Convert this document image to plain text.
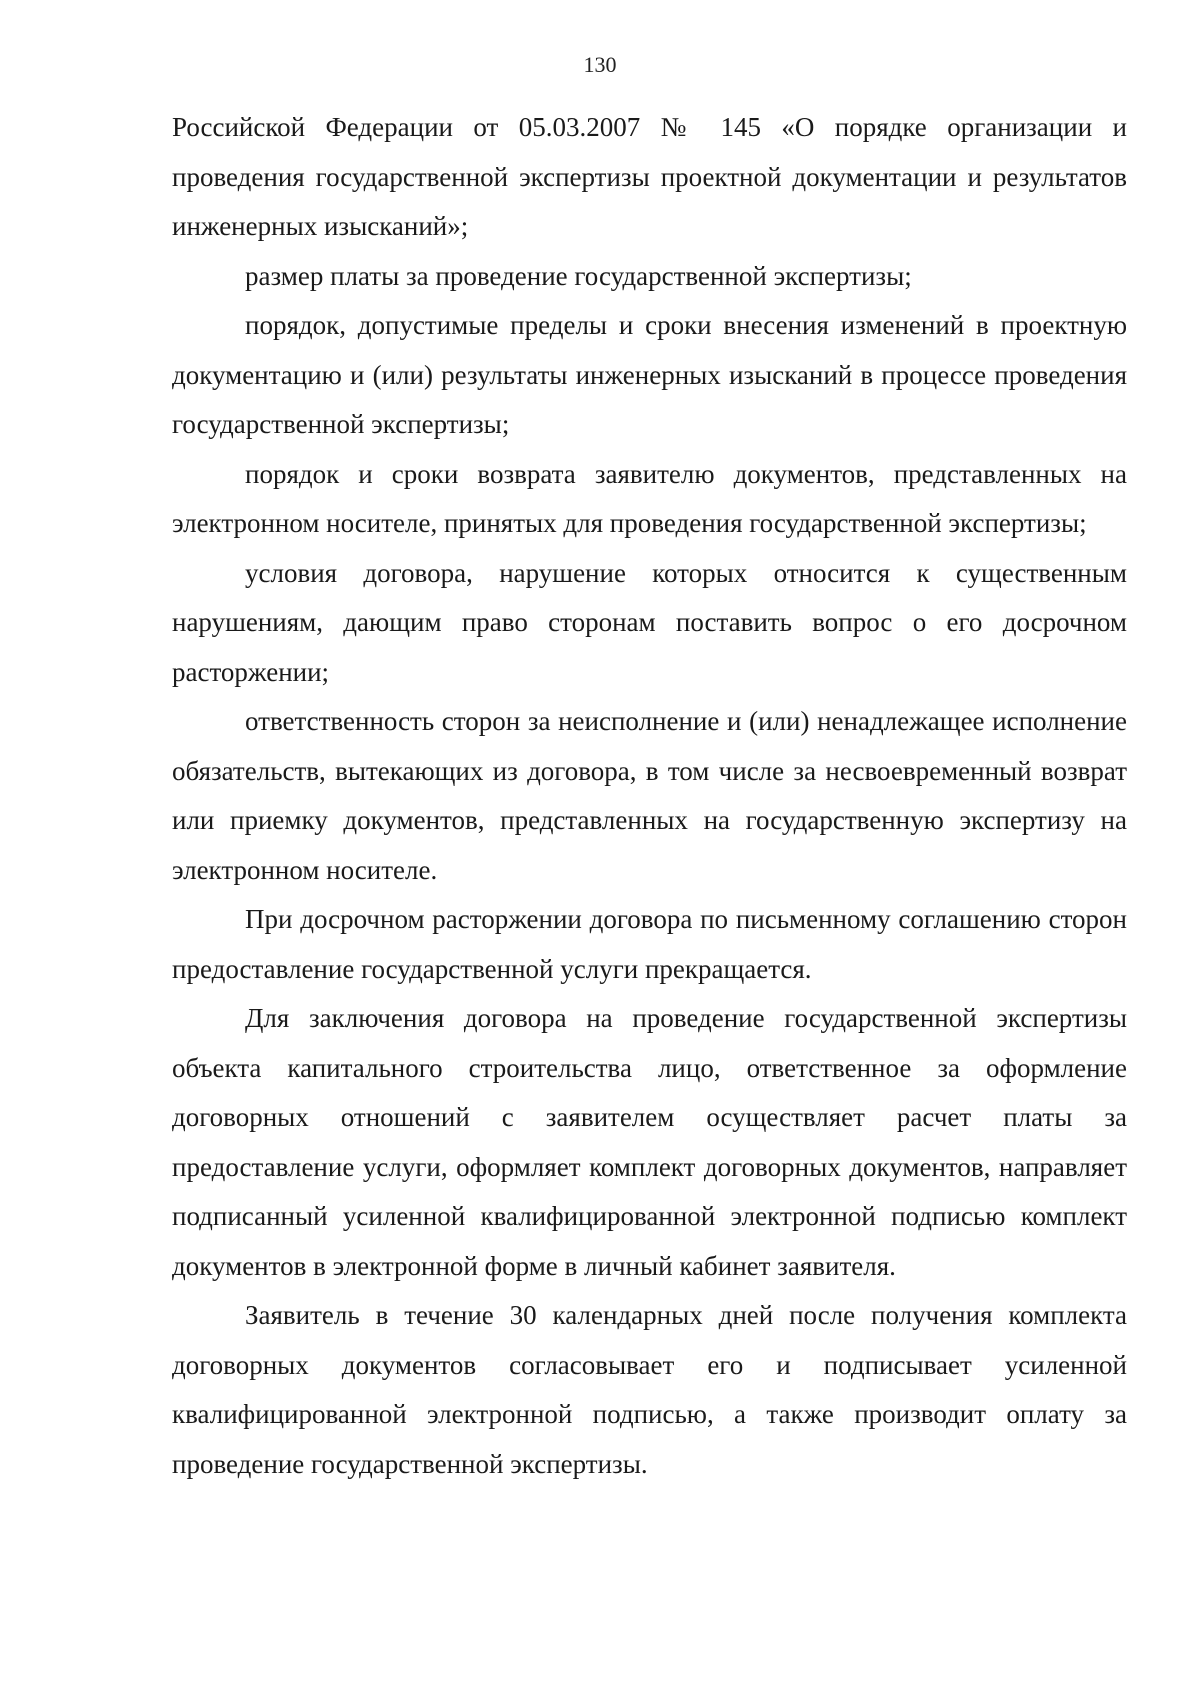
130

Российской Федерации от 05.03.2007 № 145 «О порядке организации и проведения государственной экспертизы проектной документации и результатов инженерных изысканий»;

размер платы за проведение государственной экспертизы;

порядок, допустимые пределы и сроки внесения изменений в проектную документацию и (или) результаты инженерных изысканий в процессе проведения государственной экспертизы;

порядок и сроки возврата заявителю документов, представленных на электронном носителе, принятых для проведения государственной экспертизы;

условия договора, нарушение которых относится к существенным нарушениям, дающим право сторонам поставить вопрос о его досрочном расторжении;

ответственность сторон за неисполнение и (или) ненадлежащее исполнение обязательств, вытекающих из договора, в том числе за несвоевременный возврат или приемку документов, представленных на государственную экспертизу на электронном носителе.

При досрочном расторжении договора по письменному соглашению сторон предоставление государственной услуги прекращается.

Для заключения договора на проведение государственной экспертизы объекта капитального строительства лицо, ответственное за оформление договорных отношений с заявителем осуществляет расчет платы за предоставление услуги, оформляет комплект договорных документов, направляет подписанный усиленной квалифицированной электронной подписью комплект документов в электронной форме в личный кабинет заявителя.

Заявитель в течение 30 календарных дней после получения комплекта договорных документов согласовывает его и подписывает усиленной квалифицированной электронной подписью, а также производит оплату за проведение государственной экспертизы.
